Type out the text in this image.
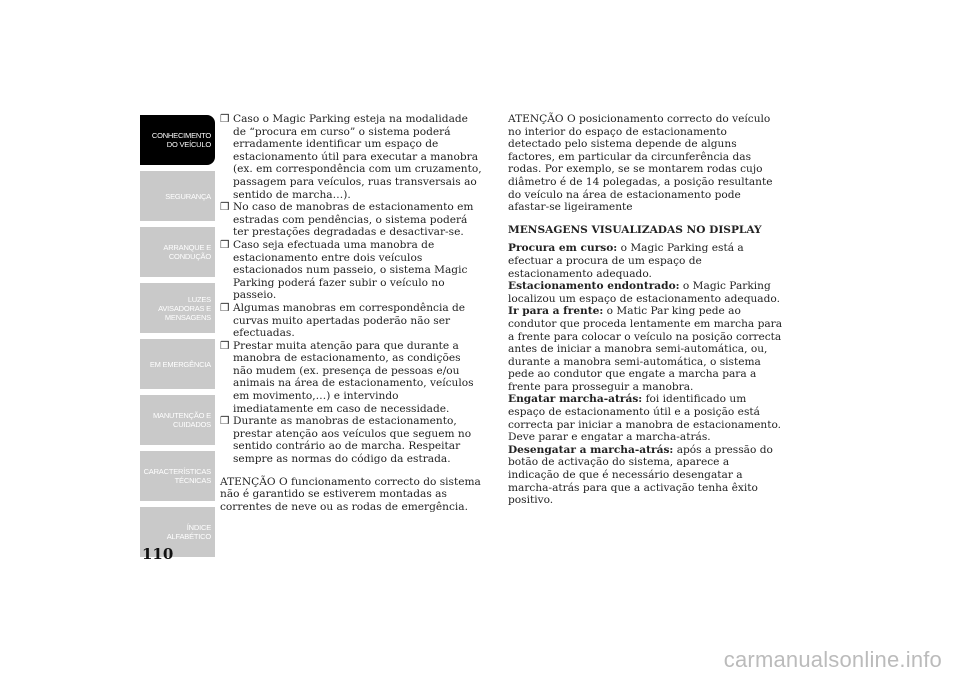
CONHECIMENTO
DO VEÍCULO
SEGURANÇA
ARRANQUE E
CONDUÇÃO
LUZES
AVISADORAS E
MENSAGENS
EM EMERGÊNCIA
MANUTENÇÃO E
CUIDADOS
CARACTERÍSTICAS
TÉCNICAS
ÍNDICE
ALFABÉTICO
110

❒ Caso o Magic Parking esteja na modalidade de “procura em curso” o sistema poderá erradamente identificar um espaço de estacionamento útil para executar a manobra (ex. em correspondência com um cruzamento, passagem para veículos, ruas transversais ao sentido de marcha…).

❒ No caso de manobras de estacionamento em estradas com pendências, o sistema poderá ter prestações degradadas e desactivar-se.

❒ Caso seja efectuada uma manobra de estacionamento entre dois veículos estacionados num passeio, o sistema Magic Parking poderá fazer subir o veículo no passeio.

❒ Algumas manobras em correspondência de curvas muito apertadas poderão não ser efectuadas.

❒ Prestar muita atenção para que durante a manobra de estacionamento, as condições não mudem (ex. presença de pessoas e/ou animais na área de estacionamento, veículos em movimento,…) e intervindo imediatamente em caso de necessidade.

❒ Durante as manobras de estacionamento, prestar atenção aos veículos que seguem no sentido contrário ao de marcha. Respeitar sempre as normas do código da estrada.

ATENÇÃO O funcionamento correcto do sistema não é garantido se estiverem montadas as correntes de neve ou as rodas de emergência.

ATENÇÃO O posicionamento correcto do veículo no interior do espaço de estacionamento detectado pelo sistema depende de alguns factores, em particular da circunferência das rodas. Por exemplo, se se montarem rodas cujo diâmetro é de 14 polegadas, a posição resultante do veículo na área de estacionamento pode afastar-se ligeiramente

MENSAGENS VISUALIZADAS NO DISPLAY

Procura em curso: o Magic Parking está a efectuar a procura de um espaço de estacionamento adequado.

Estacionamento endontrado: o Magic Parking localizou um espaço de estacionamento adequado.

Ir para a frente: o Matic Par king pede ao condutor que proceda lentamente em marcha para a frente para colocar o veículo na posição correcta antes de iniciar a manobra semi-automática, ou, durante a manobra semi-automática, o sistema pede ao condutor que engate a marcha para a frente para prosseguir a manobra.

Engatar marcha-atrás: foi identificado um espaço de estacionamento útil e a posição está correcta par iniciar a manobra de estacionamento. Deve parar e engatar a marcha-atrás.

Desengatar a marcha-atrás: após a pressão do botão de activação do sistema, aparece a indicação de que é necessário desengatar a marcha-atrás para que a activação tenha êxito positivo.

carmanualsonline.info
